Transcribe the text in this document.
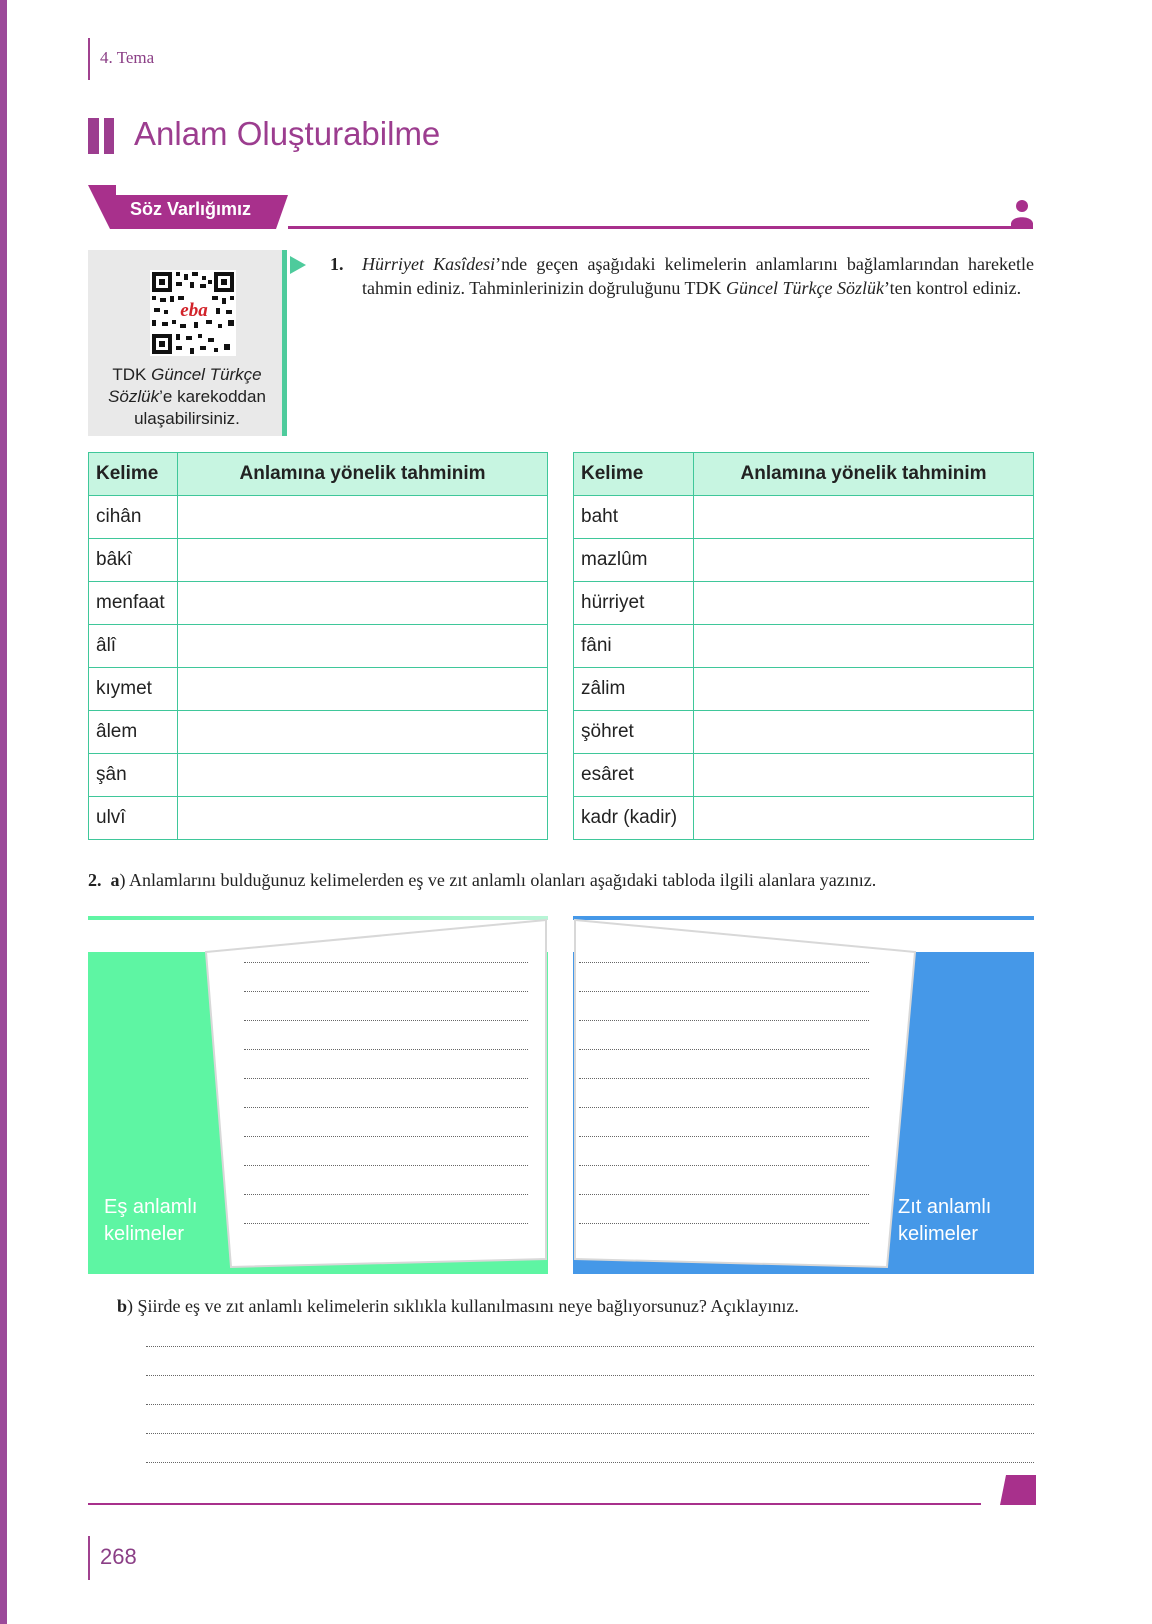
4. Tema
Anlam Oluşturabilme
Söz Varlığımız
eba
TDK Güncel Türkçe Sözlük’e karekoddan ulaşabilirsiniz.
1. Hürriyet Kasîdesi’nde geçen aşağıdaki kelimelerin anlamlarını bağlamlarından hareketle tahmin ediniz. Tahminlerinizin doğruluğunu TDK Güncel Türkçe Sözlük’ten kontrol ediniz.
Kelime	Anlamına yönelik tahminim
cihân	
bâkî	
menfaat	
âlî	
kıymet	
âlem	
şân	
ulvî	
Kelime	Anlamına yönelik tahminim
baht	
mazlûm	
hürriyet	
fâni	
zâlim	
şöhret	
esâret	
kadr (kadir)	
2. a) Anlamlarını bulduğunuz kelimelerden eş ve zıt anlamlı olanları aşağıdaki tabloda ilgili alanlara yazınız.
Eş anlamlı
kelimeler
Zıt anlamlı
kelimeler
b) Şiirde eş ve zıt anlamlı kelimelerin sıklıkla kullanılmasını neye bağlıyorsunuz? Açıklayınız.
268
